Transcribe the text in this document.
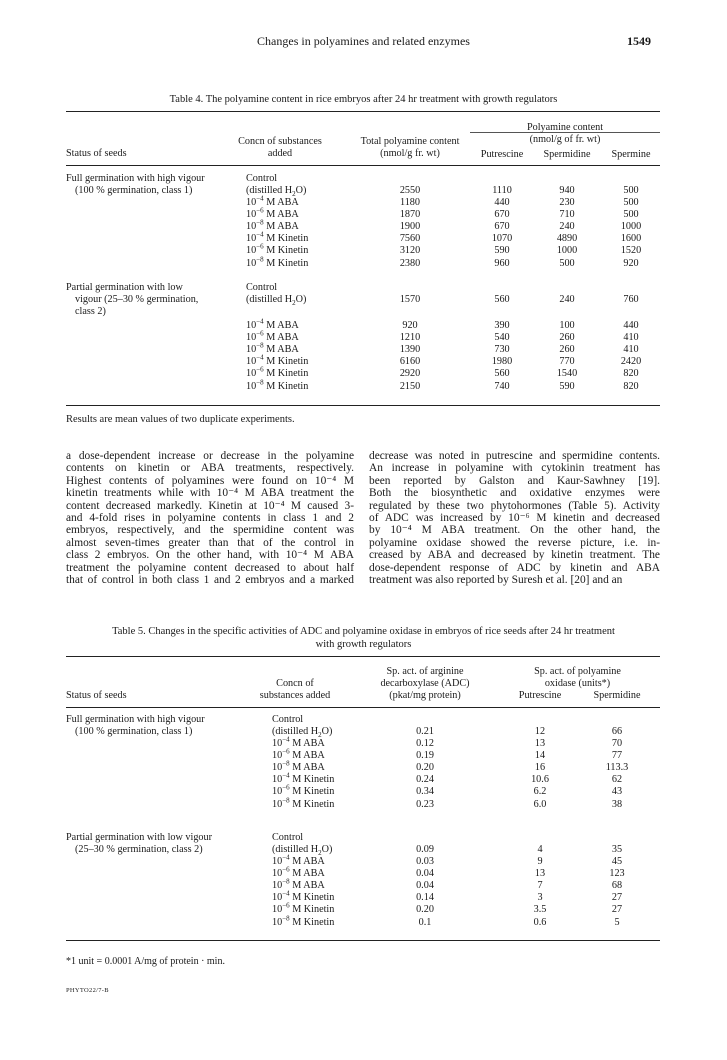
Changes in polyamines and related enzymes	1549
Table 4. The polyamine content in rice embryos after 24 hr treatment with growth regulators
Status of seeds
Concn of substances
added
Total polyamine content
(nmol/g fr. wt)
Polyamine content
(nmol/g of fr. wt)
Putrescine	Spermidine	Spermine
Full germination with high vigour
(100 % germination, class 1)
Control
(distilled $H_2O$)	2550	1110	940	500
$10^{-4}$ M ABA	1180	440	230	500
$10^{-6}$ M ABA	1870	670	710	500
$10^{-8}$ M ABA	1900	670	240	1000
$10^{-4}$ M Kinetin	7560	1070	4890	1600
$10^{-6}$ M Kinetin	3120	590	1000	1520
$10^{-8}$ M Kinetin	2380	960	500	920
Partial germination with low
vigour (25–30 % germination,
class 2)
Control
(distilled $H_2O$)	1570	560	240	760
$10^{-4}$ M ABA	920	390	100	440
$10^{-6}$ M ABA	1210	540	260	410
$10^{-8}$ M ABA	1390	730	260	410
$10^{-4}$ M Kinetin	6160	1980	770	2420
$10^{-6}$ M Kinetin	2920	560	1540	820
$10^{-8}$ M Kinetin	2150	740	590	820
Results are mean values of two duplicate experiments.
a dose-dependent increase or decrease in the polyamine
contents on kinetin or ABA treatments, respectively.
Highest contents of polyamines were found on 10⁻⁴ M
kinetin treatments while with 10⁻⁴ M ABA treatment the
content decreased markedly. Kinetin at 10⁻⁴ M caused 3-
and 4-fold rises in polyamine contents in class 1 and 2
embryos, respectively, and the spermidine content was
almost seven-times greater than that of the control in
class 2 embryos. On the other hand, with 10⁻⁴ M ABA
treatment the polyamine content decreased to about half
that of control in both class 1 and 2 embryos and a marked
decrease was noted in putrescine and spermidine contents.
An increase in polyamine with cytokinin treatment has
been reported by Galston and Kaur-Sawhney [19].
Both the biosynthetic and oxidative enzymes were
regulated by these two phytohormones (Table 5). Activity
of ADC was increased by 10⁻⁶ M kinetin and decreased
by 10⁻⁴ M ABA treatment. On the other hand, the
polyamine oxidase showed the reverse picture, i.e. in-
creased by ABA and decreased by kinetin treatment. The
dose-dependent response of ADC by kinetin and ABA
treatment was also reported by Suresh et al. [20] and an
Table 5. Changes in the specific activities of ADC and polyamine oxidase in embryos of rice seeds after 24 hr treatment
with growth regulators
Status of seeds
Concn of
substances added
Sp. act. of arginine
decarboxylase (ADC)
(pkat/mg protein)
Sp. act. of polyamine
oxidase (units*)
Putrescine	Spermidine
Full germination with high vigour
(100 % germination, class 1)
Control
(distilled $H_2O$)	0.21	12	66
$10^{-4}$ M ABA	0.12	13	70
$10^{-6}$ M ABA	0.19	14	77
$10^{-8}$ M ABA	0.20	16	113.3
$10^{-4}$ M Kinetin	0.24	10.6	62
$10^{-6}$ M Kinetin	0.34	6.2	43
$10^{-8}$ M Kinetin	0.23	6.0	38
Partial germination with low vigour
(25–30 % germination, class 2)
Control
(distilled $H_2O$)	0.09	4	35
$10^{-4}$ M ABA	0.03	9	45
$10^{-6}$ M ABA	0.04	13	123
$10^{-8}$ M ABA	0.04	7	68
$10^{-4}$ M Kinetin	0.14	3	27
$10^{-6}$ M Kinetin	0.20	3.5	27
$10^{-8}$ M Kinetin	0.1	0.6	5
*1 unit = 0.0001 A/mg of protein · min.
PHYTO22/7-B
